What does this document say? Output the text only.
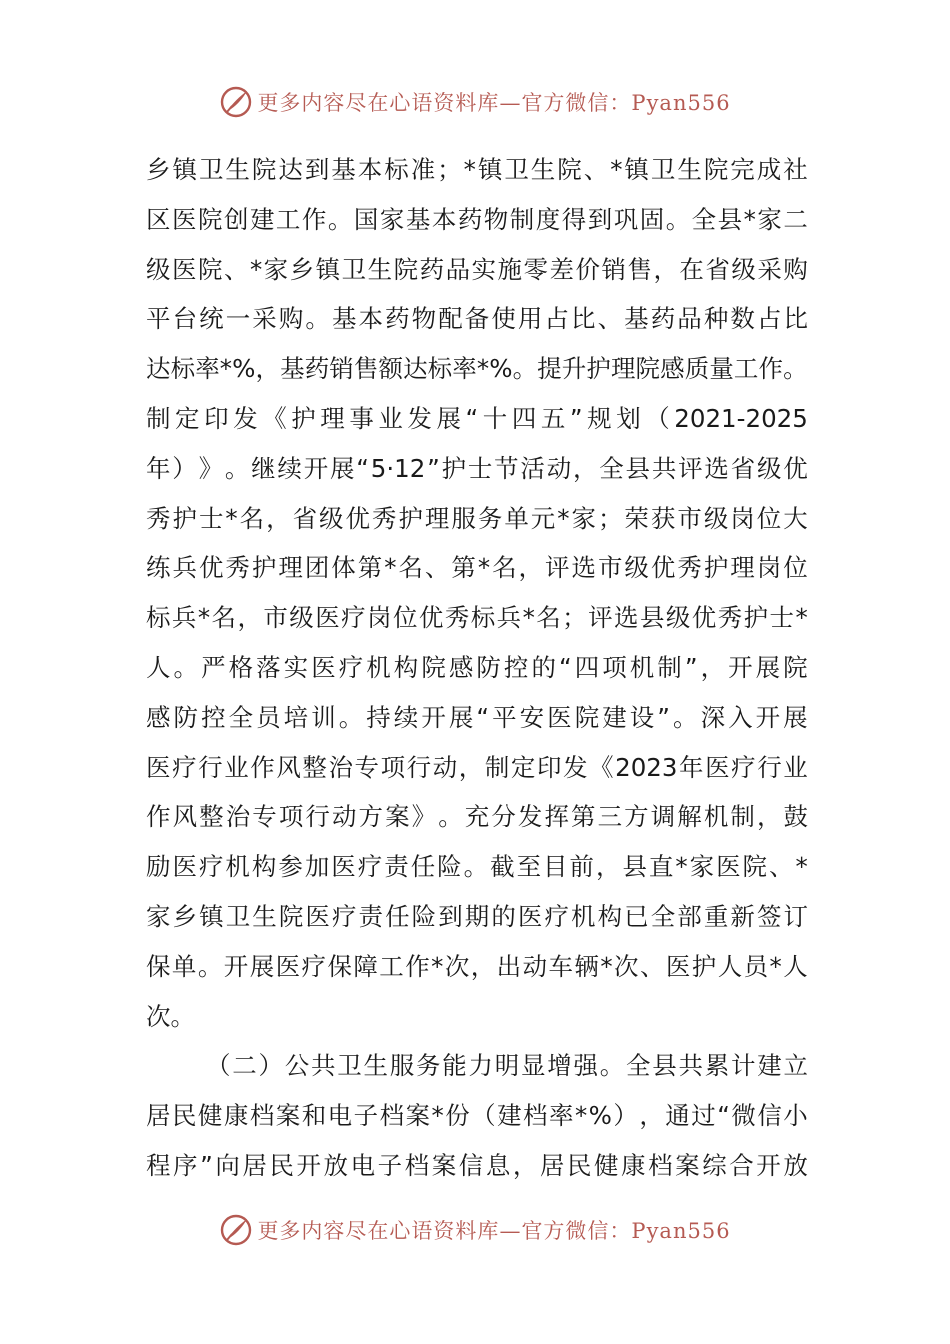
更多内容尽在心语资料库—官方微信：Pyan556
乡 镇 卫 生 院 达 到 基 本 标 准 ； * 镇 卫 生 院 、 * 镇 卫 生 院 完 成 社
区 医 院 创 建 工 作 。 国 家 基 本 药 物 制 度 得 到 巩 固 。 全 县 * 家 二
级 医 院 、 * 家 乡 镇 卫 生 院 药 品 实 施 零 差 价 销 售 ， 在 省 级 采 购
平 台 统 一 采 购 。 基 本 药 物 配 备 使 用 占 比 、 基 药 品 种 数 占 比
达 标 率 * % ， 基 药 销 售 额 达 标 率 * % 。 提 升 护 理 院 感 质 量 工 作 。
制 定 印 发 《 护 理 事 业 发 展 “ 十 四 五 ” 规 划 （ 2021-2025
年 ） 》 。 继 续 开 展 “ 5·12 ” 护 士 节 活 动 ， 全 县 共 评 选 省 级 优
秀 护 士 * 名 ， 省 级 优 秀 护 理 服 务 单 元 * 家 ； 荣 获 市 级 岗 位 大
练 兵 优 秀 护 理 团 体 第 * 名 、 第 * 名 ， 评 选 市 级 优 秀 护 理 岗 位
标 兵 * 名 ， 市 级 医 疗 岗 位 优 秀 标 兵 * 名 ； 评 选 县 级 优 秀 护 士 *
人 。 严 格 落 实 医 疗 机 构 院 感 防 控 的 “ 四 项 机 制 ” ， 开 展 院
感 防 控 全 员 培 训 。 持 续 开 展 “ 平 安 医 院 建 设 ” 。 深 入 开 展
医 疗 行 业 作 风 整 治 专 项 行 动 ， 制 定 印 发 《 2023 年 医 疗 行 业
作 风 整 治 专 项 行 动 方 案 》 。 充 分 发 挥 第 三 方 调 解 机 制 ， 鼓
励 医 疗 机 构 参 加 医 疗 责 任 险 。 截 至 目 前 ， 县 直 * 家 医 院 、 *
家 乡 镇 卫 生 院 医 疗 责 任 险 到 期 的 医 疗 机 构 已 全 部 重 新 签 订
保 单 。 开 展 医 疗 保 障 工 作 * 次 ， 出 动 车 辆 * 次 、 医 护 人 员 * 人
次。
（ 二 ） 公 共 卫 生 服 务 能 力 明 显 增 强 。 全 县 共 累 计 建 立
居 民 健 康 档 案 和 电 子 档 案 * 份 （ 建 档 率 * % ） ， 通 过 “ 微 信 小
程 序 ” 向 居 民 开 放 电 子 档 案 信 息 ， 居 民 健 康 档 案 综 合 开 放
更多内容尽在心语资料库—官方微信：Pyan556
